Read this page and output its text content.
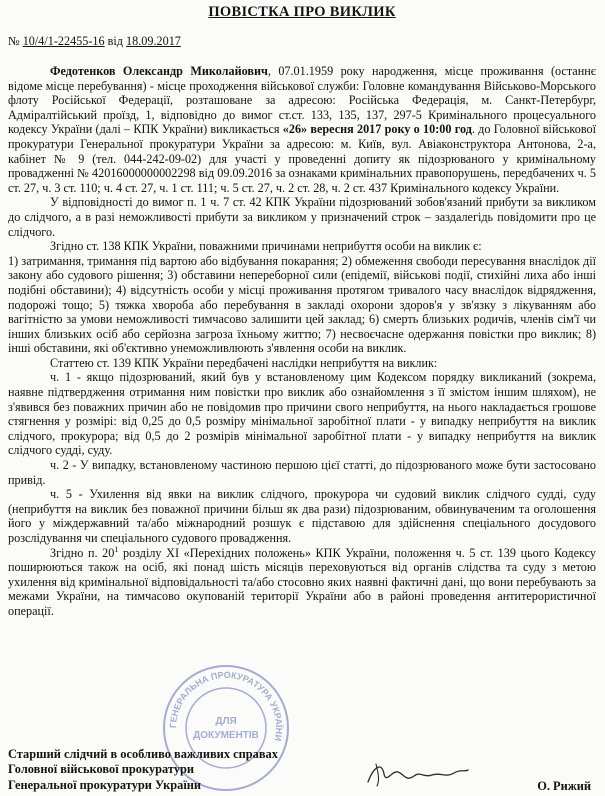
ПОВІСТКА ПРО ВИКЛИК
№ 10/4/1-22455-16 від 18.09.2017

Федотенков Олександр Миколайович, 07.01.1959 року народження, місце проживання (останнє відоме місце перебування) - місце проходження військової служби: Головне командування Військово-Морського флоту Російської Федерації, розташоване за адресою: Російська Федерація, м. Санкт-Петербург, Адміралтійський проїзд, 1, відповідно до вимог ст.ст. 133, 135, 137, 297-5 Кримінального процесуального кодексу України (далі – КПК України) викликається «26» вересня 2017 року о 10:00 год. до Головної військової прокуратури Генеральної прокуратури України за адресою: м. Київ, вул. Авіаконструктора Антонова, 2-а, кабінет № 9 (тел. 044-242-09-02) для участі у проведенні допиту як підозрюваного у кримінальному провадженні № 42016000000002298 від 09.09.2016 за ознаками кримінальних правопорушень, передбачених ч. 5 ст. 27, ч. 3 ст. 110; ч. 4 ст. 27, ч. 1 ст. 111; ч. 5 ст. 27, ч. 2 ст. 28, ч. 2 ст. 437 Кримінального кодексу України.

У відповідності до вимог п. 1 ч. 7 ст. 42 КПК України підозрюваний зобов'язаний прибути за викликом до слідчого, а в разі неможливості прибути за викликом у призначений строк – заздалегідь повідомити про це слідчого.

Згідно ст. 138 КПК України, поважними причинами неприбуття особи на виклик є:

1) затримання, тримання під вартою або відбування покарання; 2) обмеження свободи пересування внаслідок дії закону або судового рішення; 3) обставини непереборної сили (епідемії, військові події, стихійні лиха або інші подібні обставини); 4) відсутність особи у місці проживання протягом тривалого часу внаслідок відрядження, подорожі тощо; 5) тяжка хвороба або перебування в закладі охорони здоров'я у зв'язку з лікуванням або вагітністю за умови неможливості тимчасово залишити цей заклад; 6) смерть близьких родичів, членів сім'ї чи інших близьких осіб або серйозна загроза їхньому життю; 7) несвоєчасне одержання повістки про виклик; 8) інші обставини, які об'єктивно унеможливлюють з'явлення особи на виклик.

Статтею ст. 139 КПК України передбачені наслідки неприбуття на виклик:

ч. 1 - якщо підозрюваний, який був у встановленому цим Кодексом порядку викликаний (зокрема, наявне підтвердження отримання ним повістки про виклик або ознайомлення з її змістом іншим шляхом), не з'явився без поважних причин або не повідомив про причини свого неприбуття, на нього накладається грошове стягнення у розмірі: від 0,25 до 0,5 розміру мінімальної заробітної плати - у випадку неприбуття на виклик слідчого, прокурора; від 0,5 до 2 розмірів мінімальної заробітної плати - у випадку неприбуття на виклик слідчого судді, суду.

ч. 2 - У випадку, встановленому частиною першою цієї статті, до підозрюваного може бути застосовано привід.

ч. 5 - Ухилення від явки на виклик слідчого, прокурора чи судовий виклик слідчого судді, суду (неприбуття на виклик без поважної причини більш як два рази) підозрюваним, обвинуваченим та оголошення його у міждержавний та/або міжнародний розшук є підставою для здійснення спеціального досудового розслідування чи спеціального судового провадження.

Згідно п. $20^1$ розділу XI «Перехідних положень» КПК України, положення ч. 5 ст. 139 цього Кодексу поширюються також на осіб, які понад шість місяців переховуються від органів слідства та суду з метою ухилення від кримінальної відповідальності та/або стосовно яких наявні фактичні дані, що вони перебувають за межами України, на тимчасово окупованій території України або в районі проведення антитерористичної операції.

ГЕНЕРАЛЬНА ПРОКУРАТУРА УКРАЇНИ
ДЛЯ
ДОКУМЕНТІВ
Старший слідчий в особливо важливих справах
Головної військової прокуратури
Генеральної прокуратури України	О. Рижий
